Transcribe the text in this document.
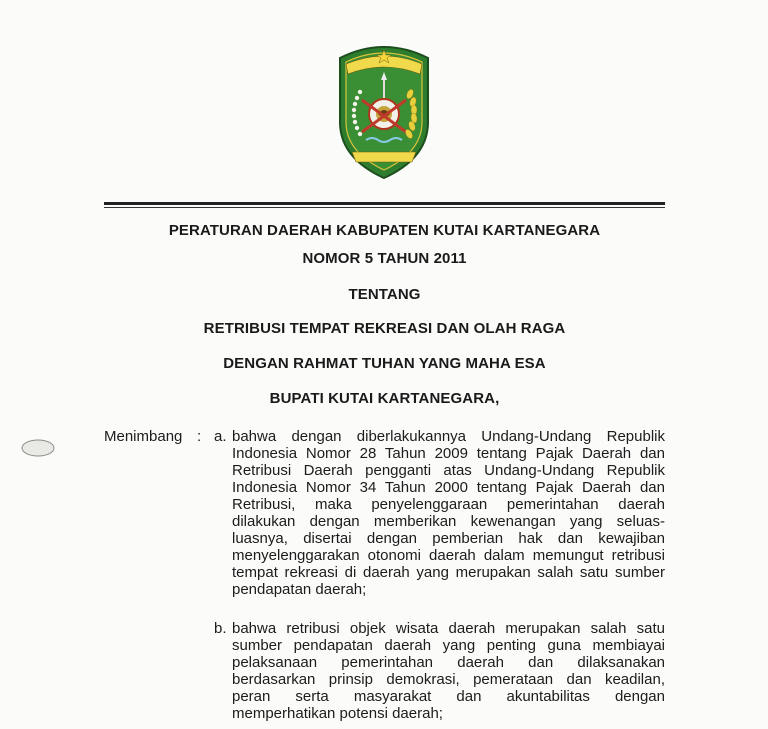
PERATURAN DAERAH KABUPATEN KUTAI KARTANEGARA
NOMOR 5 TAHUN 2011
TENTANG
RETRIBUSI TEMPAT REKREASI DAN OLAH RAGA
DENGAN RAHMAT TUHAN YANG MAHA ESA
BUPATI KUTAI KARTANEGARA,
Menimbang : a. bahwa dengan diberlakukannya Undang-Undang Republik
Indonesia Nomor 28 Tahun 2009 tentang Pajak Daerah dan
Retribusi Daerah pengganti atas Undang-Undang Republik
Indonesia Nomor 34 Tahun 2000 tentang Pajak Daerah dan
Retribusi, maka penyelenggaraan pemerintahan daerah
dilakukan dengan memberikan kewenangan yang seluas-
luasnya, disertai dengan pemberian hak dan kewajiban
menyelenggarakan otonomi daerah dalam memungut retribusi
tempat rekreasi di daerah yang merupakan salah satu sumber
pendapatan daerah;
b. bahwa retribusi objek wisata daerah merupakan salah satu
sumber pendapatan daerah yang penting guna membiayai
pelaksanaan pemerintahan daerah dan dilaksanakan
berdasarkan prinsip demokrasi, pemerataan dan keadilan,
peran serta masyarakat dan akuntabilitas dengan
memperhatikan potensi daerah;
